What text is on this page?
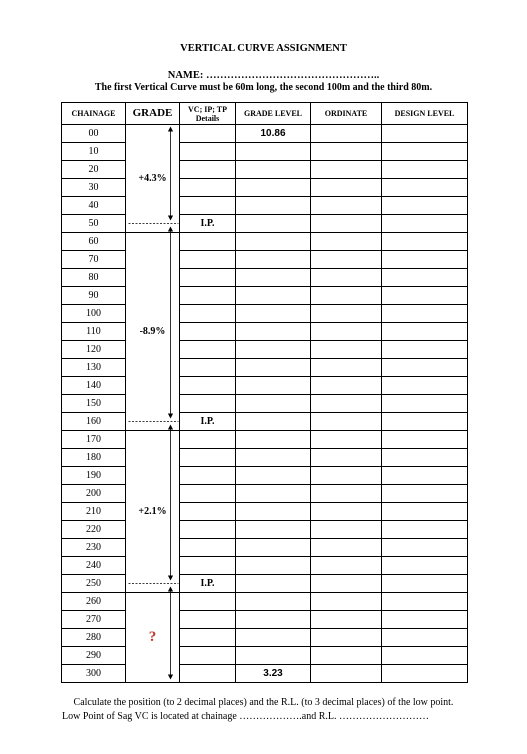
VERTICAL CURVE ASSIGNMENT
NAME: …………………………………………..
The first Vertical Curve must be 60m long, the second 100m and the third 80m.
CHAINAGE	GRADE	VC; IP; TP Details	GRADE LEVEL	ORDINATE	DESIGN LEVEL
00	+4.3%		10.86		
10					
20					
30					
40					
50		I.P.			
60	-8.9%				
70					
80					
90					
100					
110					
120					
130					
140					
150					
160		I.P.			
170	+2.1%				
180					
190					
200					
210					
220					
230					
240					
250		I.P.			
260	?				
270					
280					
290					
300			3.23		
Calculate the position (to 2 decimal places) and the R.L. (to 3 decimal places) of the low point.
Low Point of Sag VC is located at chainage ……………….and R.L. ………………………
